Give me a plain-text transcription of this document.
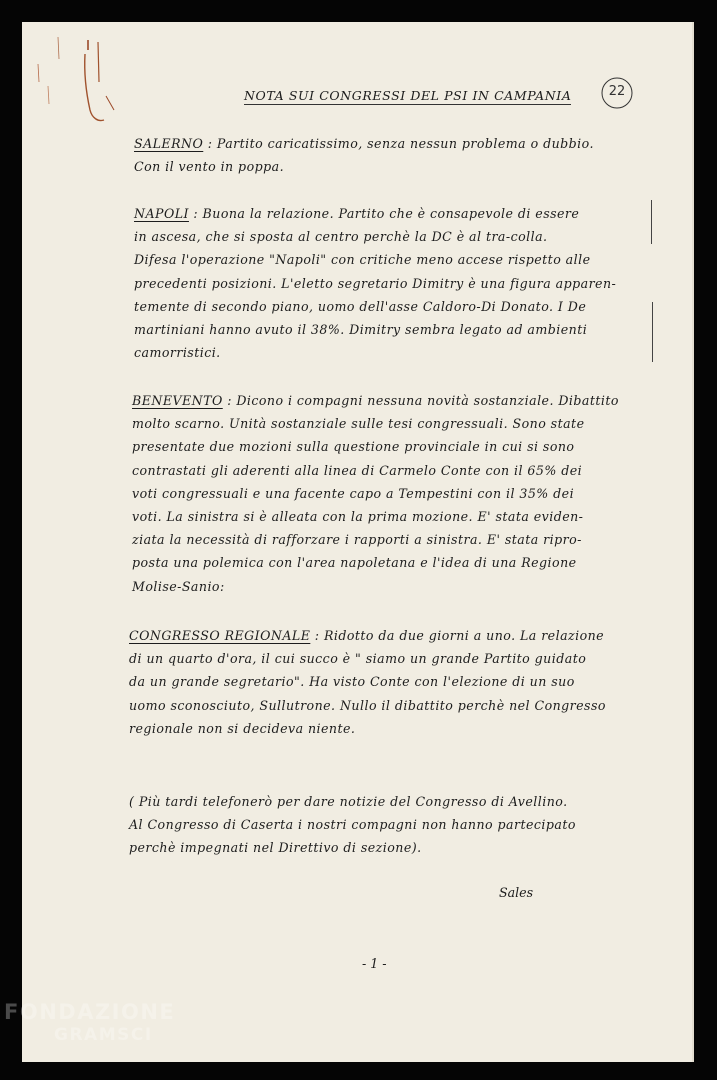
NOTA SUI CONGRESSI DEL PSI IN CAMPANIA	22
SALERNO : Partito caricatissimo, senza nessun problema o dubbio.
Con il vento in poppa.
NAPOLI : Buona la relazione. Partito che è consapevole di essere
in ascesa, che si sposta al centro perchè la DC è al tra-colla.
Difesa l'operazione "Napoli" con critiche meno accese rispetto alle
precedenti posizioni. L'eletto segretario Dimitry è una figura apparen-
temente di secondo piano, uomo dell'asse Caldoro-Di Donato. I De
martiniani hanno avuto il 38%. Dimitry sembra legato ad ambienti
camorristici.
BENEVENTO : Dicono i compagni nessuna novità sostanziale. Dibattito
molto scarno. Unità sostanziale sulle tesi congressuali. Sono state
presentate due mozioni sulla questione provinciale in cui si sono
contrastati gli aderenti alla linea di Carmelo Conte con il 65% dei
voti congressuali e una facente capo a Tempestini con il 35% dei
voti. La sinistra si è alleata con la prima mozione. E' stata eviden-
ziata la necessità di rafforzare i rapporti a sinistra. E' stata ripro-
posta una polemica con l'area napoletana e l'idea di una Regione
Molise-Sanio:
CONGRESSO REGIONALE : Ridotto da due giorni a uno. La relazione
di un quarto d'ora, il cui succo è " siamo un grande Partito guidato
da un grande segretario". Ha visto Conte con l'elezione di un suo
uomo sconosciuto, Sullutrone. Nullo il dibattito perchè nel Congresso
regionale non si decideva niente.
( Più tardi telefonerò per dare notizie del Congresso di Avellino.
Al Congresso di Caserta i nostri compagni non hanno partecipato
perchè impegnati nel Direttivo di sezione).
Sales
- 1 -
FONDAZIONE
GRAMSCI
